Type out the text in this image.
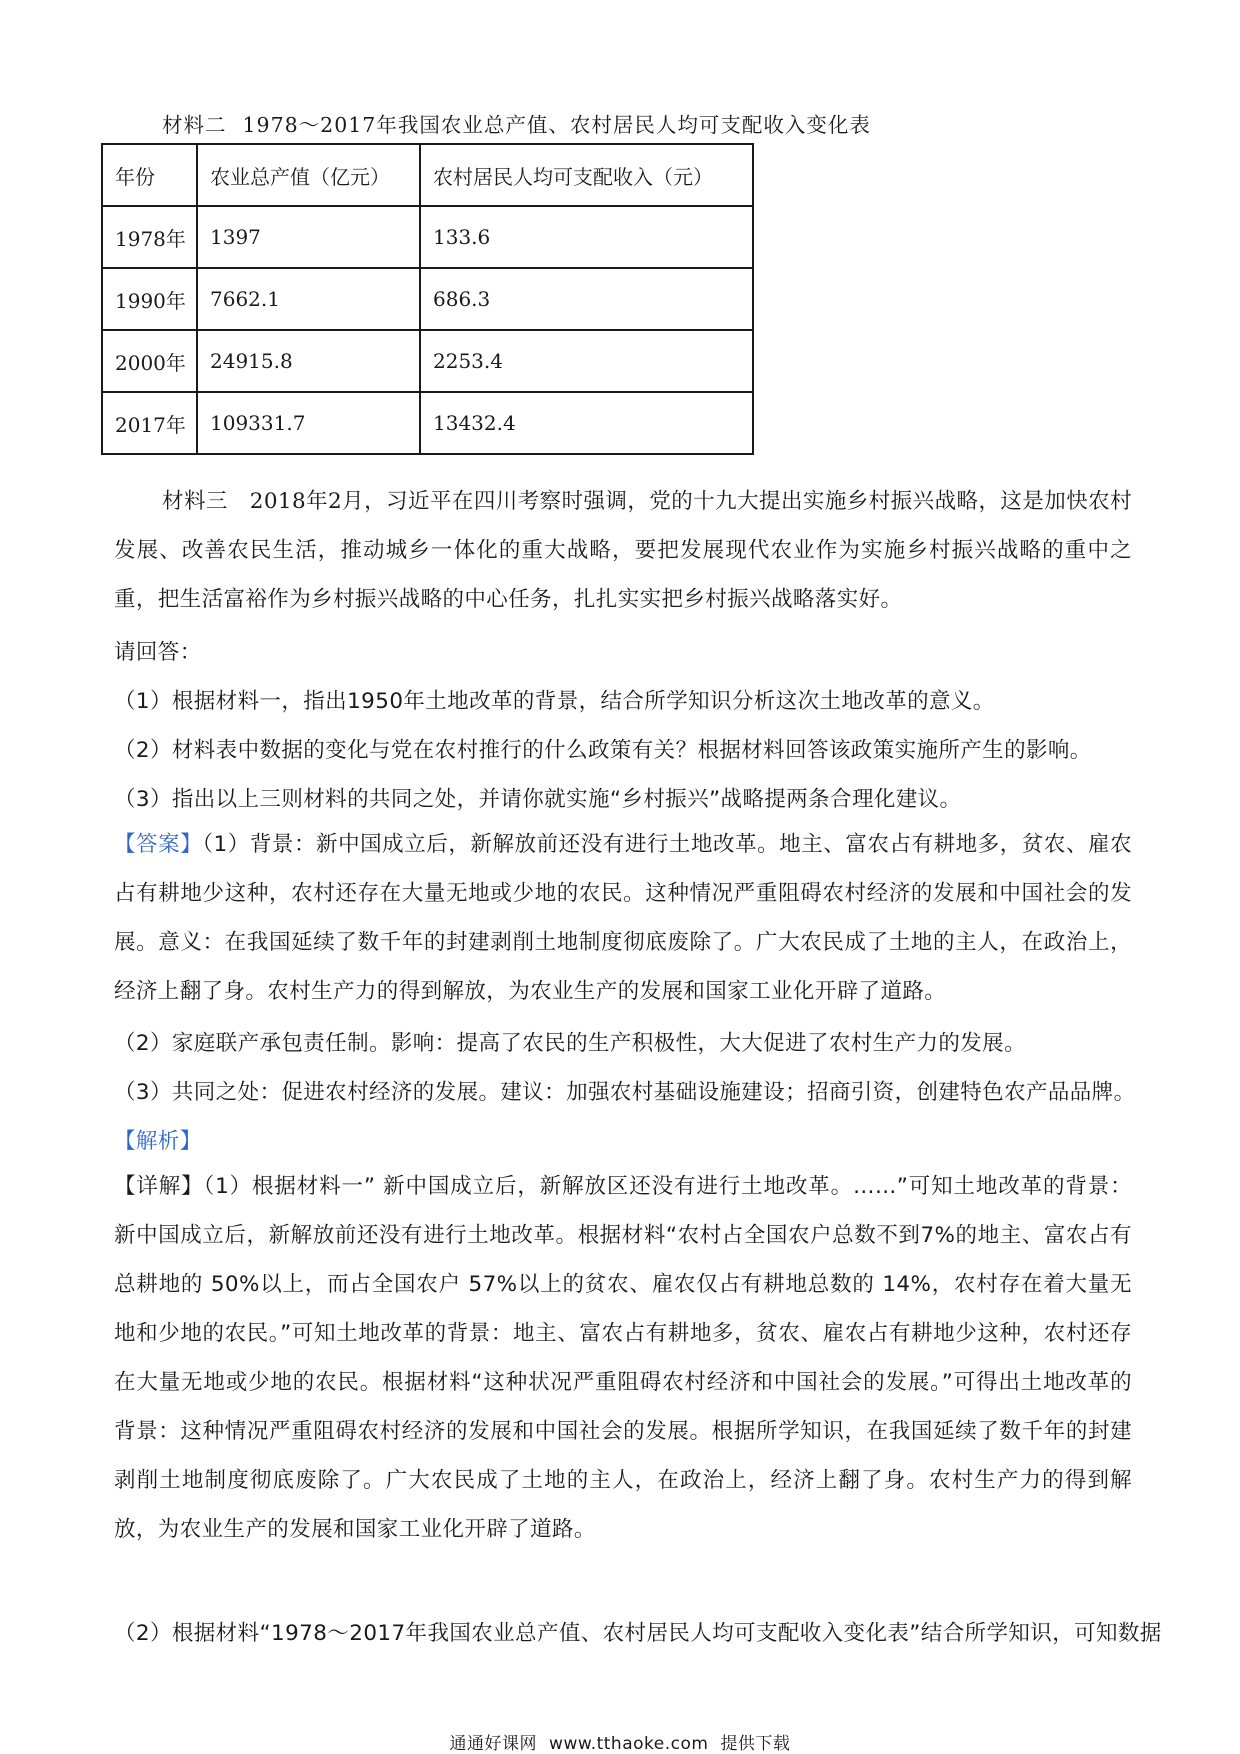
材料二 1978～2017年我国农业总产值、农村居民人均可支配收入变化表
年份	农业总产值（亿元）	农村居民人均可支配收入（元）
1978年	1397	133.6
1990年	7662.1	686.3
2000年	24915.8	2253.4
2017年	109331.7	13432.4

材料三　2018年2月，习近平在四川考察时强调，党的十九大提出实施乡村振兴战略，这是加快农村发展、改善农民生活，推动城乡一体化的重大战略，要把发展现代农业作为实施乡村振兴战略的重中之重，把生活富裕作为乡村振兴战略的中心任务，扎扎实实把乡村振兴战略落实好。

请回答：

（1）根据材料一，指出1950年土地改革的背景，结合所学知识分析这次土地改革的意义。

（2）材料表中数据的变化与党在农村推行的什么政策有关？根据材料回答该政策实施所产生的影响。

（3）指出以上三则材料的共同之处，并请你就实施“乡村振兴”战略提两条合理化建议。

【答案】（1）背景：新中国成立后，新解放前还没有进行土地改革。地主、富农占有耕地多，贫农、雇农占有耕地少这种，农村还存在大量无地或少地的农民。这种情况严重阻碍农村经济的发展和中国社会的发展。意义：在我国延续了数千年的封建剥削土地制度彻底废除了。广大农民成了土地的主人，在政治上，经济上翻了身。农村生产力的得到解放，为农业生产的发展和国家工业化开辟了道路。

（2）家庭联产承包责任制。影响：提高了农民的生产积极性，大大促进了农村生产力的发展。

（3）共同之处：促进农村经济的发展。建议：加强农村基础设施建设；招商引资，创建特色农产品品牌。

【解析】

【详解】（1）根据材料一” 新中国成立后，新解放区还没有进行土地改革。……”可知土地改革的背景：新中国成立后，新解放前还没有进行土地改革。根据材料“农村占全国农户总数不到7%的地主、富农占有总耕地的 50%以上，而占全国农户 57%以上的贫农、雇农仅占有耕地总数的 14%，农村存在着大量无地和少地的农民。”可知土地改革的背景：地主、富农占有耕地多，贫农、雇农占有耕地少这种，农村还存在大量无地或少地的农民。根据材料“这种状况严重阻碍农村经济和中国社会的发展。”可得出土地改革的背景：这种情况严重阻碍农村经济的发展和中国社会的发展。根据所学知识，在我国延续了数千年的封建剥削土地制度彻底废除了。广大农民成了土地的主人，在政治上，经济上翻了身。农村生产力的得到解放，为农业生产的发展和国家工业化开辟了道路。

（2）根据材料“1978～2017年我国农业总产值、农村居民人均可支配收入变化表”结合所学知识，可知数据

通通好课网 www.tthaoke.com 提供下载
